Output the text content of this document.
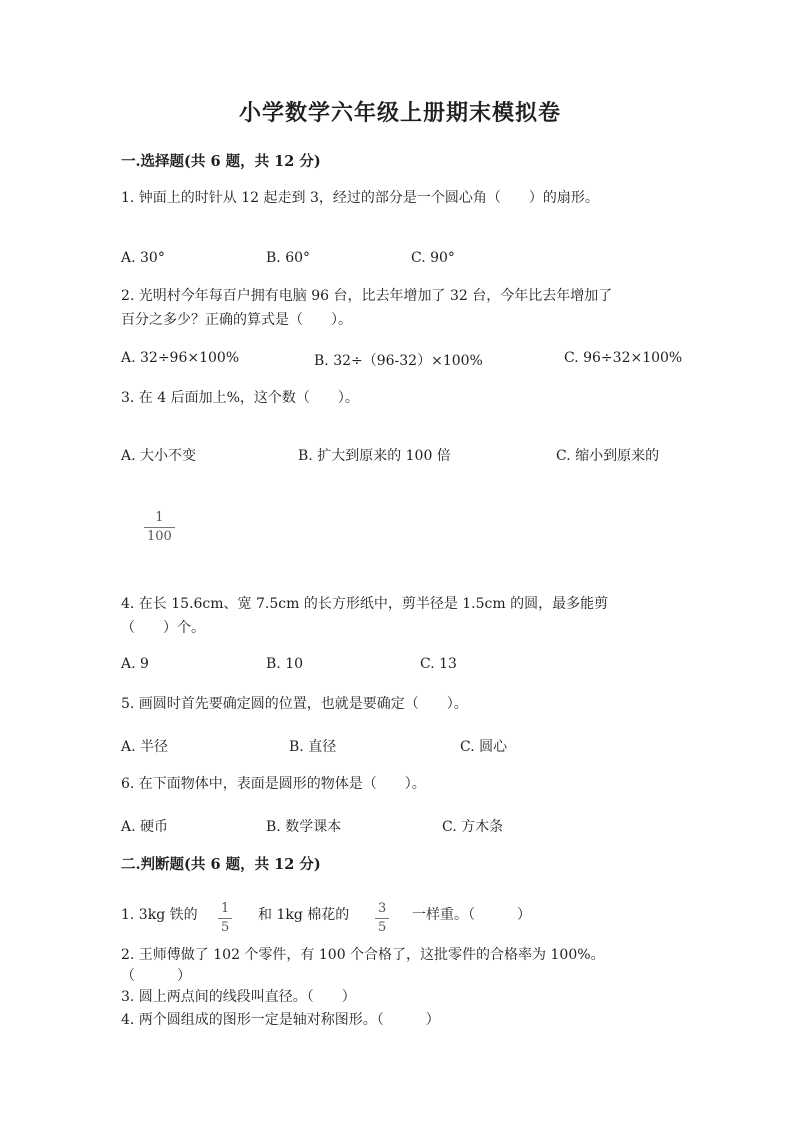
小学数学六年级上册期末模拟卷
一.选择题(共 6 题，共 12 分)
1. 钟面上的时针从 12 起走到 3，经过的部分是一个圆心角（　　）的扇形。
A. 30°	B. 60°	C. 90°
2. 光明村今年每百户拥有电脑 96 台，比去年增加了 32 台，今年比去年增加了
百分之多少？正确的算式是（　　）。
A. 32÷96×100%	B. 32÷（96-32）×100%	C. 96÷32×100%
3. 在 4 后面加上%，这个数（　　）。
A. 大小不变	B. 扩大到原来的 100 倍	C. 缩小到原来的
1
100
4. 在长 15.6cm、宽 7.5cm 的长方形纸中，剪半径是 1.5cm 的圆，最多能剪
（　　）个。
A. 9	B. 10	C. 13
5. 画圆时首先要确定圆的位置，也就是要确定（　　）。
A. 半径	B. 直径	C. 圆心
6. 在下面物体中，表面是圆形的物体是（　　）。
A. 硬币	B. 数学课本	C. 方木条
二.判断题(共 6 题，共 12 分)
1. 3kg 铁的 1
5
和 1kg 棉花的 3
5
一样重。（　　　）
2. 王师傅做了 102 个零件，有 100 个合格了，这批零件的合格率为 100%。
（　　　）
3. 圆上两点间的线段叫直径。（　　）
4. 两个圆组成的图形一定是轴对称图形。（　　　）
